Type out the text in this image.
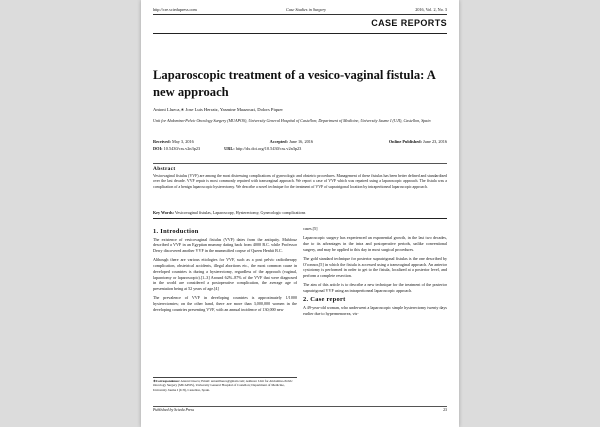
http://cre.sciedupress.com	Case Studies in Surgery	2016, Vol. 2, No. 3
CASE REPORTS
Laparoscopic treatment of a vesico-vaginal fistula: A new approach
Antoni Llueca,∗ Jose Luis Herraiz, Yasmine Maazouzi, Dolors Piquer
Unit for Abdomino-Pelvic Oncology Surgery (MUAPOS), University General Hospital of Castellon; Department of Medicine, University Jaume I (UJI), Castellon, Spain
Received: May 3, 2016	Accepted: June 16, 2016	Online Published: June 23, 2016
DOI: 10.5430/css.v2n3p23	URL: http://dx.doi.org/10.5430/css.v2n3p23
Abstract
Vesicovaginal fistulas (VVF) are among the most distressing complications of gynecologic and obstetric procedures. Management of these fistulas has been better defined and standardized over the last decade. VVF repair is most commonly repaired with transvaginal approach. We report a case of VVF which was repaired using a laparoscopic approach. The fistula was a complication of a benign laparoscopic hysterectomy. We describe a novel technique for the treatment of VVF of supratrigonal location by intraperitoneal laparoscopic approach.
Key Words: Vesicovaginal fistulas, Laparoscopy, Hysterectomy, Gynecologic complications
1. Introduction

The existence of vesicovaginal fistulas (VVF) dates from the antiquity. Mahfouz described a VVF in an Egyptian mummy dating back from 4000 B.C. while Professor Derry discovered another VVF in the mummified corpse of Queen Henhit B.C.

Although there are various etiologies for VVF, such as a post pelvic radiotherapy complication, obstetrical accidents, illegal abortions etc., the most common cause in developed countries is during a hysterectomy, regardless of the approach (vaginal, laparotomy or laparoscopic).[1–3] Around 62%–87% of the VVF that were diagnosed in the world are considered a postoperative complication, the average age of presentation being at 52 years of age.[4]

The prevalence of VVF in developing countries is approximately 1/1000 hysterectomies; on the other hand, there are more than 3,000,000 women in the developing countries presenting VVF, with an annual incidence of 130,000 new

cases.[5]

Laparoscopic surgery has experienced an exponential growth, in the last two decades, due to its advantages in the intra and postoperative periods, unlike conventional surgery, and may be applied to this day in most surgical procedures.

The gold standard technique for posterior supratrigonal fistulas is the one described by O'connor,[5] in which the fistula is accessed using a transvaginal approach. An anterior cystotomy is performed in order to get to the fistula, localized at a posterior level, and perform a complete resection.

The aim of this article is to describe a new technique for the treatment of the posterior supratrigonal VVF using an intraperitoneal laparoscopic approach.

2. Case report

A 49-year-old woman, who underwent a laparoscopic simple hysterectomy twenty days earlier due to hypermenorrea, vis-

∗Correspondence: Antoni Llueca; Email: antonillueca@gmail.com; Address: Unit for Abdomino-Pelvic Oncology Surgery (MUAPOS), University General Hospital of Castellon; Department of Medicine, University Jaume I (UJI), Castellon, Spain.
Published by Sciedu Press	23
